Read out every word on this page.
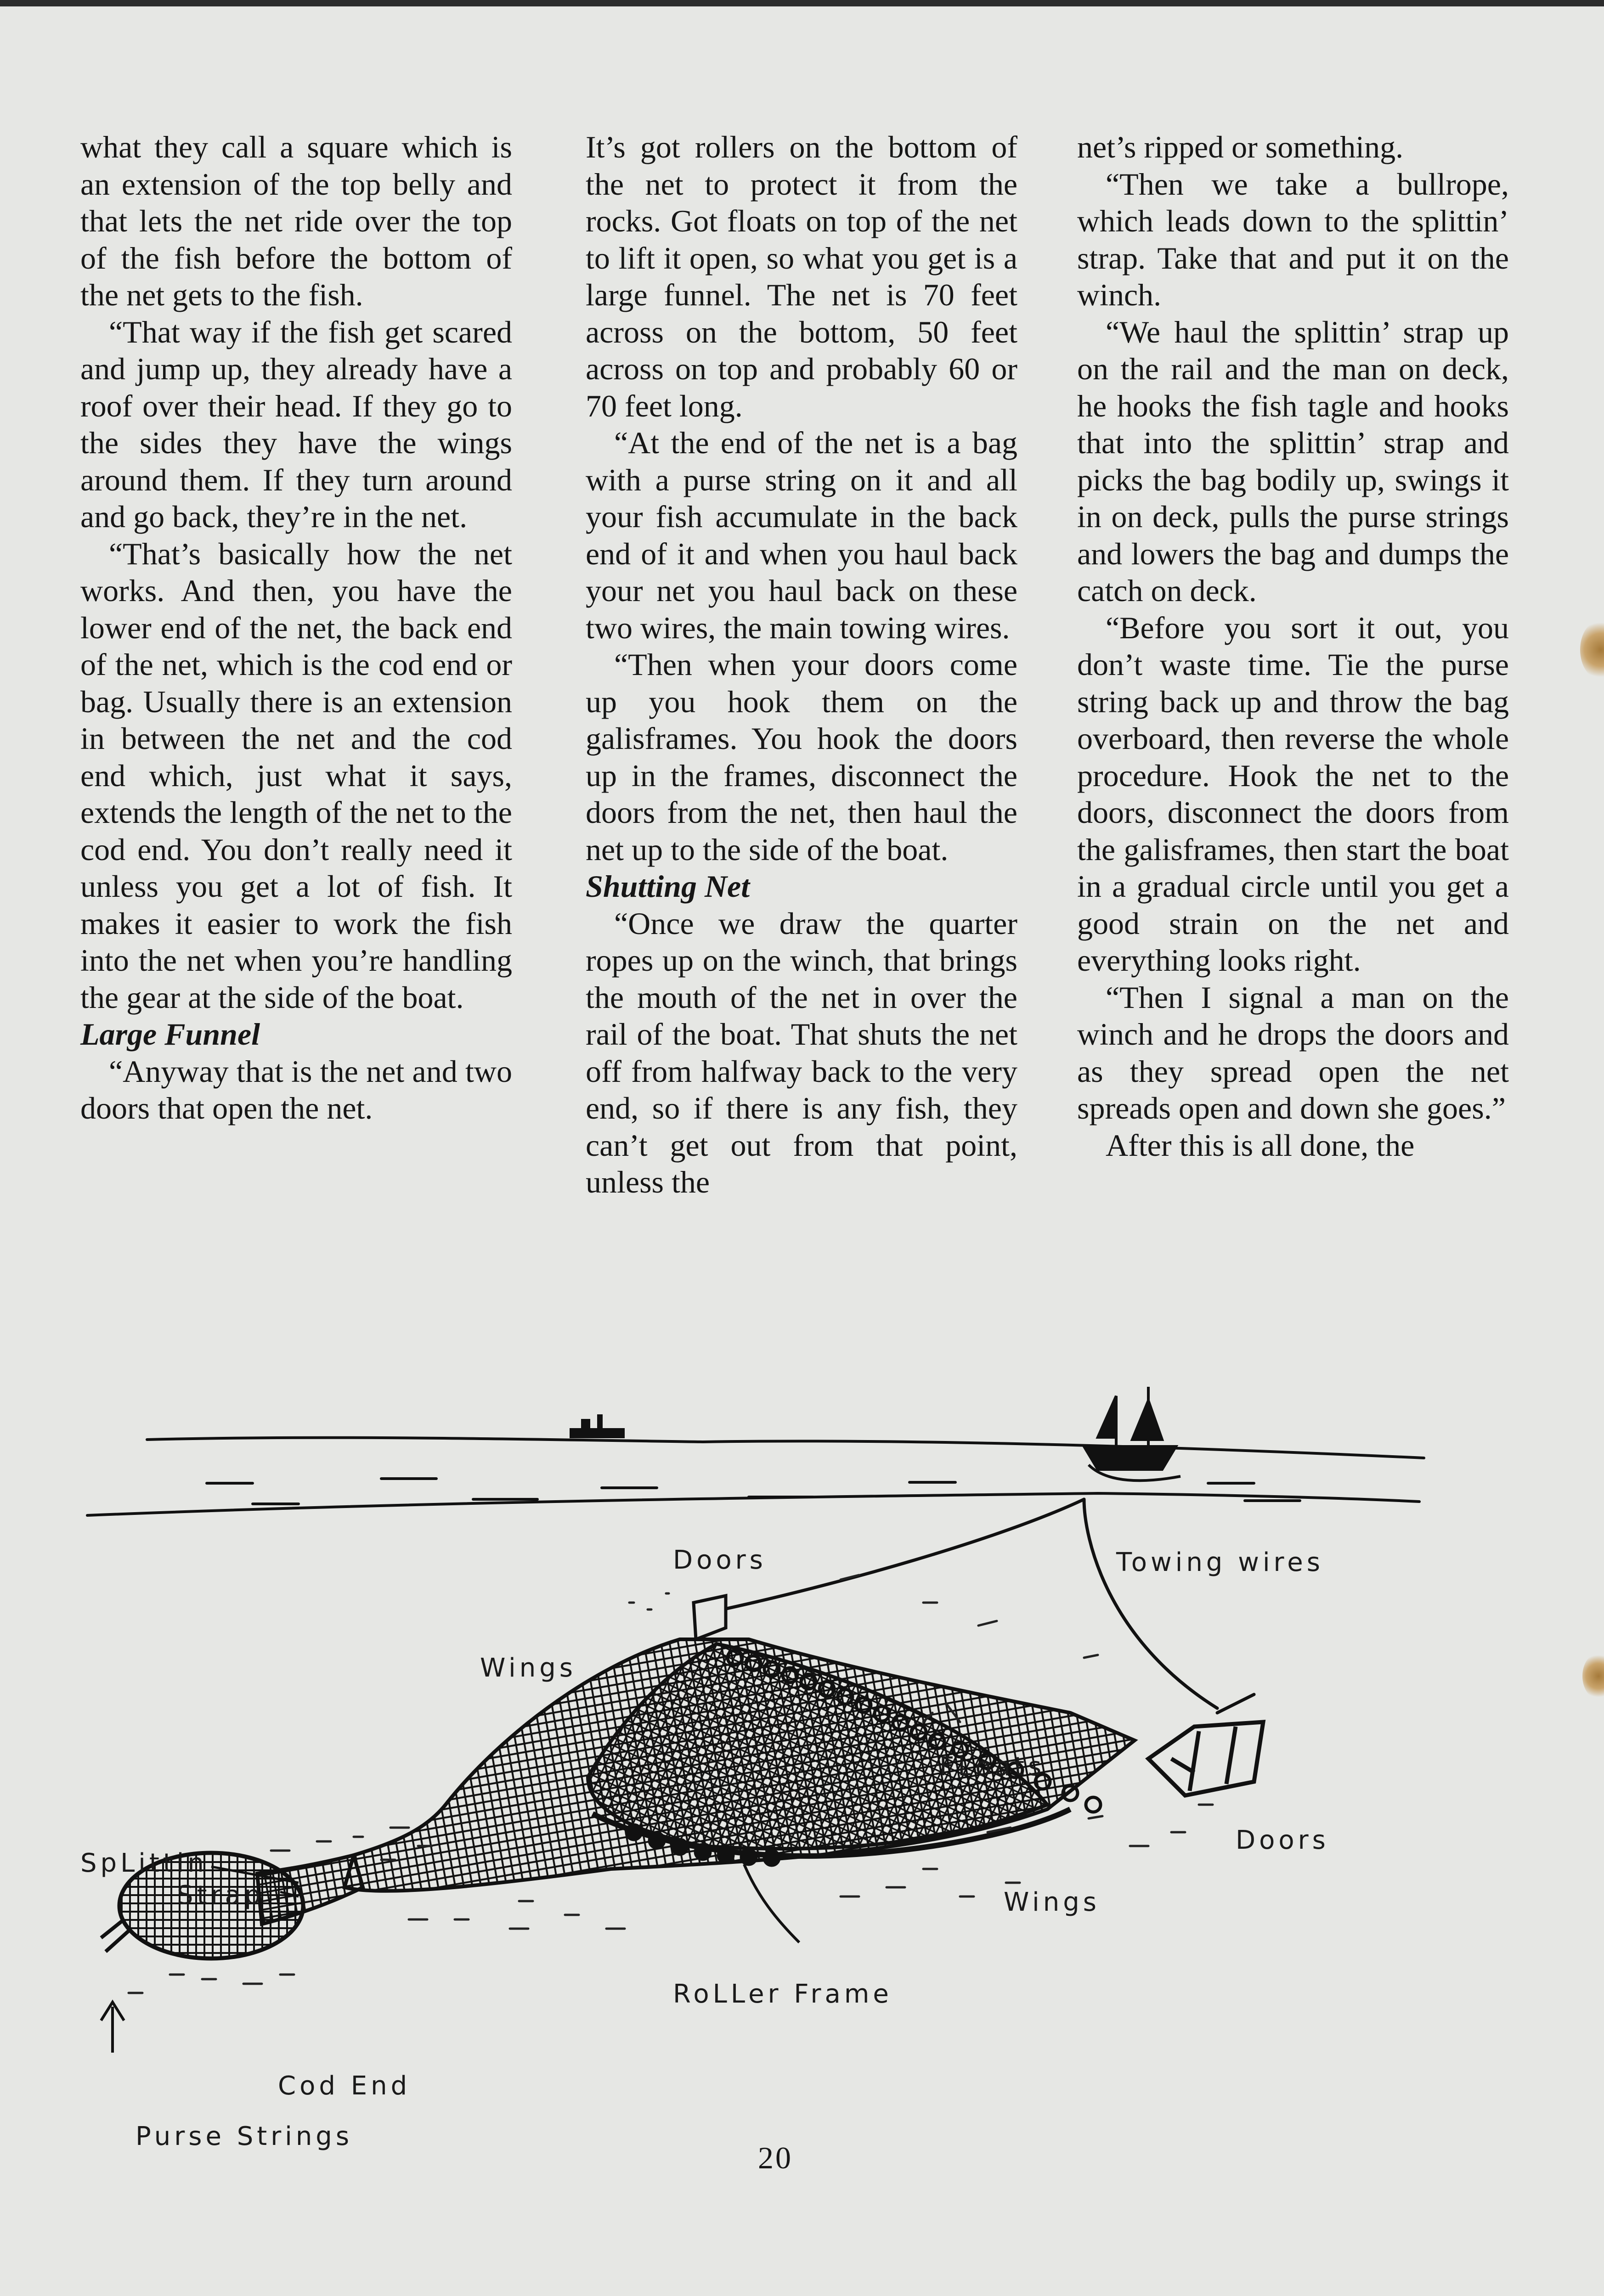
what they call a square which is an extension of the top belly and that lets the net ride over the top of the fish before the bottom of the net gets to the fish.

“That way if the fish get scared and jump up, they already have a roof over their head. If they go to the sides they have the wings around them. If they turn around and go back, they’re in the net.

“That’s basically how the net works. And then, you have the lower end of the net, the back end of the net, which is the cod end or bag. Usually there is an extension in between the net and the cod end which, just what it says, extends the length of the net to the cod end. You don’t really need it unless you get a lot of fish. It makes it easier to work the fish into the net when you’re handling the gear at the side of the boat.

Large Funnel

“Anyway that is the net and two doors that open the net.

It’s got rollers on the bottom of the net to protect it from the rocks. Got floats on top of the net to lift it open, so what you get is a large funnel. The net is 70 feet across on the bottom, 50 feet across on top and probably 60 or 70 feet long.

“At the end of the net is a bag with a purse string on it and all your fish accumulate in the back end of it and when you haul back your net you haul back on these two wires, the main towing wires.

“Then when your doors come up you hook them on the galisframes. You hook the doors up in the frames, disconnect the doors from the net, then haul the net up to the side of the boat.

Shutting Net

“Once we draw the quarter ropes up on the winch, that brings the mouth of the net in over the rail of the boat. That shuts the net off from halfway back to the very end, so if there is any fish, they can’t get out from that point, unless the

net’s ripped or something.

“Then we take a bullrope, which leads down to the splittin’ strap. Take that and put it on the winch.

“We haul the splittin’ strap up on the rail and the man on deck, he hooks the fish tagle and hooks that into the splittin’ strap and picks the bag bodily up, swings it in on deck, pulls the purse strings and lowers the bag and dumps the catch on deck.

“Before you sort it out, you don’t waste time. Tie the purse string back up and throw the bag overboard, then reverse the whole procedure. Hook the net to the doors, disconnect the doors from the galisframes, then start the boat in a gradual circle until you get a good strain on the net and everything looks right.

“Then I signal a man on the winch and he drops the doors and as they spread open the net spreads open and down she goes.”

After this is all done, the

Doors	Towing wires
Wings
FLoats
Doors
SpLittin
Strap	Wings
RoLLer Frame
Cod End
Purse Strings
20
